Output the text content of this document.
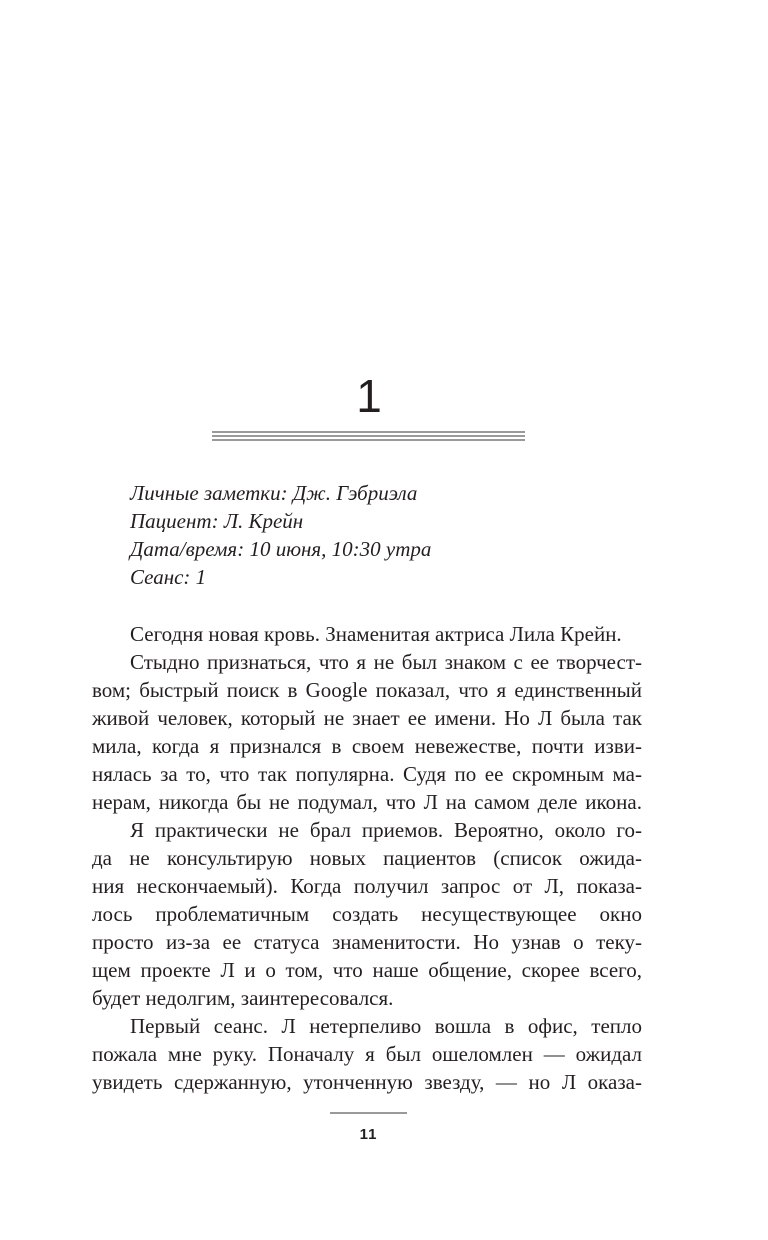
1
Личные заметки: Дж. Гэбриэла
Пациент: Л. Крейн
Дата/время: 10 июня, 10:30 утра
Сеанс: 1
Сегодня новая кровь. Знаменитая актриса Лила Крейн.
Стыдно признаться, что я не был знаком с ее творчест-
вом; быстрый поиск в Google показал, что я единственный
живой человек, который не знает ее имени. Но Л была так
мила, когда я признался в своем невежестве, почти изви-
нялась за то, что так популярна. Судя по ее скромным ма-
нерам, никогда бы не подумал, что Л на самом деле икона.
Я практически не брал приемов. Вероятно, около го-
да не консультирую новых пациентов (список ожида-
ния нескончаемый). Когда получил запрос от Л, показа-
лось проблематичным создать несуществующее окно
просто из-за ее статуса знаменитости. Но узнав о теку-
щем проекте Л и о том, что наше общение, скорее всего,
будет недолгим, заинтересовался.
Первый сеанс. Л нетерпеливо вошла в офис, тепло
пожала мне руку. Поначалу я был ошеломлен — ожидал
увидеть сдержанную, утонченную звезду, — но Л оказа-
11
